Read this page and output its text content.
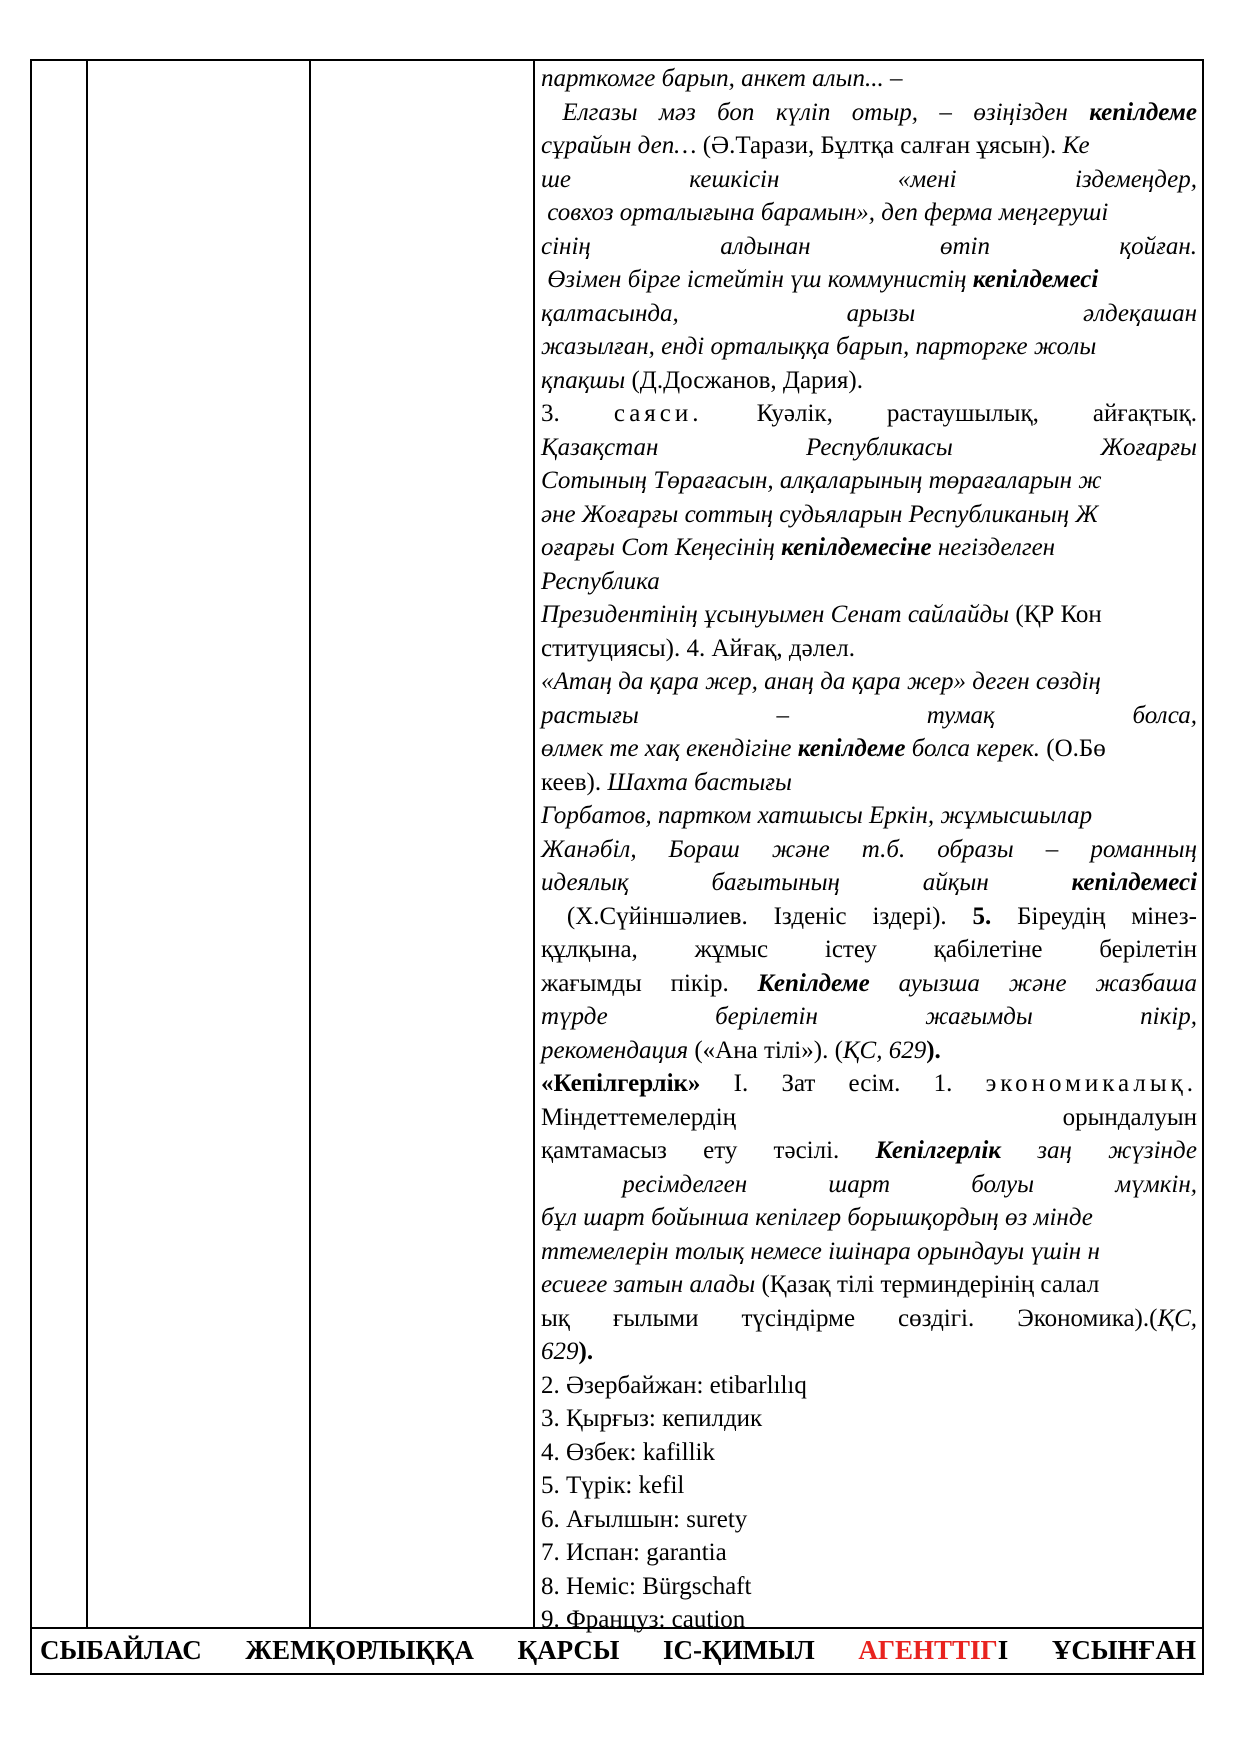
парткомге барып, анкет алып... –

Елгазы мәз боп күліп отыр, – өзіңізден кепілдеме

сұрайын деп… (Ә.Тарази, Бұлтқа салған ұясын). Ке

ше кешкісін «мені іздемеңдер,

совхоз орталығына барамын», деп ферма меңгеруші

сінің алдынан өтіп қойған.

Өзімен бірге істейтін үш коммунистің кепілдемесі

қалтасында, арызы әлдеқашан

жазылған, енді орталыққа барып, парторгке жолы

қпақшы (Д.Досжанов, Дария).

3. саяси. Куәлік, растаушылық, айғақтық.

Қазақстан Республикасы Жоғарғы

Сотының Төрағасын, алқаларының төрағаларын ж

әне Жоғарғы соттың судьяларын Республиканың Ж

оғарғы Сот Кеңесінің кепілдемесіне негізделген

Республика

Президентінің ұсынуымен Сенат сайлайды (ҚР Кон

ституциясы). 4. Айғақ, дәлел.

«Атаң да қара жер, анаң да қара жер» деген сөздің

растығы – тумақ болса,

өлмек те хақ екендігіне кепілдеме болса керек. (О.Бө

кеев). Шахта бастығы

Горбатов, партком хатшысы Еркін, жұмысшылар

Жанәбіл, Бораш және т.б. образы – романның

идеялық бағытының айқын	кепілдемесі

(Х.Сүйіншәлиев. Ізденіс іздері). 5. Біреудің мінез-

құлқына, жұмыс істеу қабілетіне берілетін

жағымды пікір. Кепілдеме ауызша және жазбаша

түрде берілетін жағымды пікір,

рекомендация («Ана тілі»). (ҚС, 629).

«Кепілгерлік» І. Зат есім. 1. экономикалық.

Міндеттемелердің орындалуын

қамтамасыз ету тәсілі. Кепілгерлік заң жүзінде

ресімделген шарт болуы мүмкін,

бұл шарт бойынша кепілгер борышқордың өз мінде

ттемелерін толық немесе ішінара орындауы үшін н

есиеге затын алады (Қазақ тілі терминдерінің салал

ық ғылыми түсіндірме сөздігі. Экономика).(ҚС,

629).

2. Әзербайжан: etibarlılıq

3. Қырғыз: кепилдик

4. Өзбек: kafillik

5. Түрік: kefil

6. Ағылшын: surety

7. Испан: garantia

8. Неміс: Bürgschaft

9. Француз: caution

СЫБАЙЛАС ЖЕМҚОРЛЫҚҚА ҚАРСЫ ІС-ҚИМЫЛ АГЕНТТІГІ ҰСЫНҒАН
